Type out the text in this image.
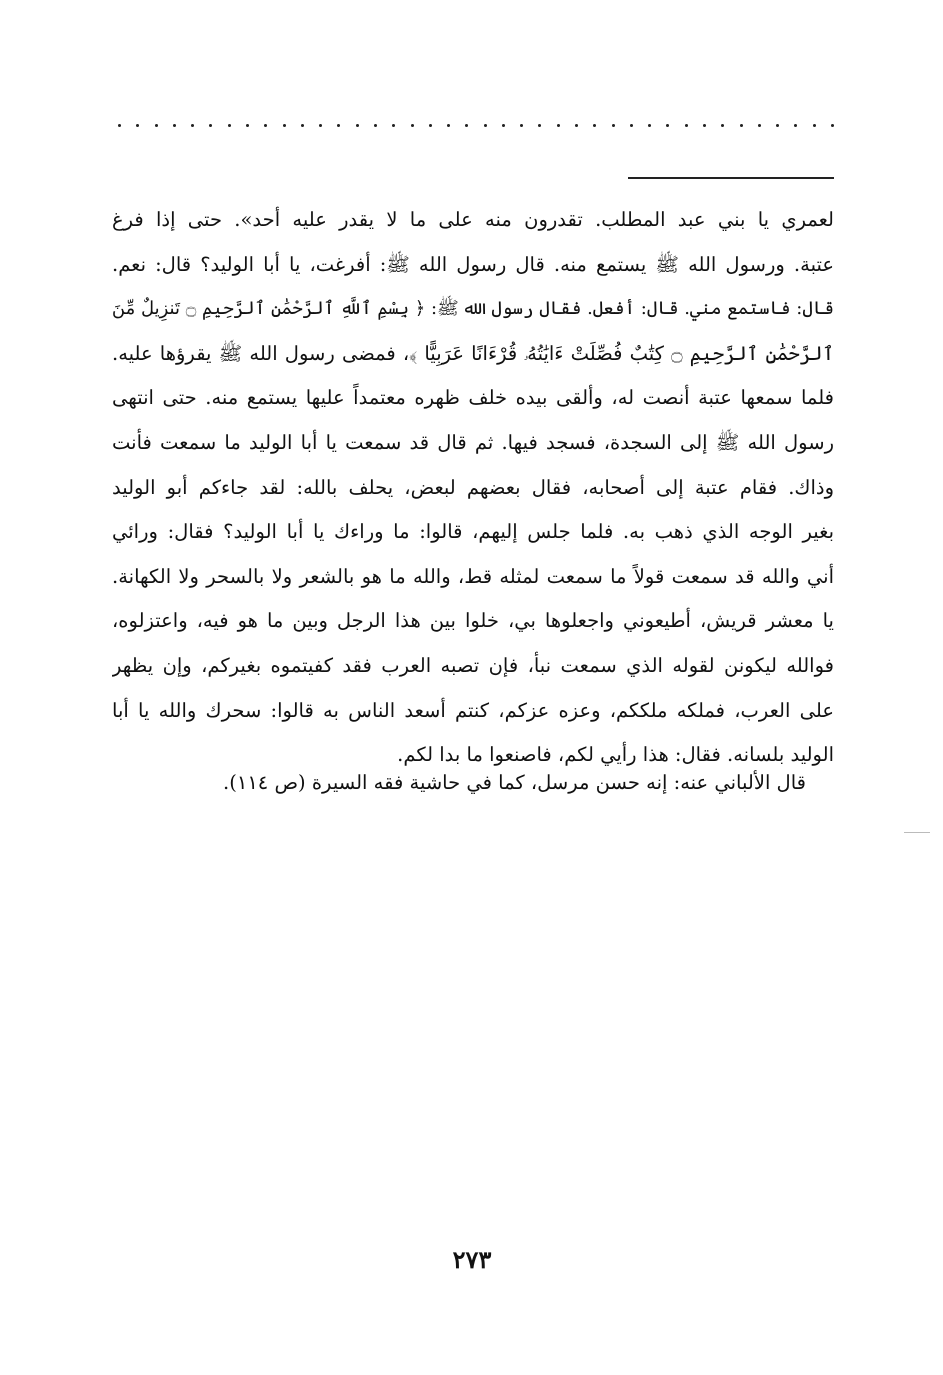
لعمري يا بني عبد المطلب. تقدرون منه على ما لا يقدر عليه أحد». حتى إذا فرغ
عتبة. ورسول الله ﷺ يستمع منه. قال رسول الله ﷺ: أفرغت، يا أبا الوليد؟ قال: نعم.
قال: فاستمع مني. قال: أفعل. فقال رسول الله ﷺ: ﴿ بِسْمِ ٱللَّهِ ٱلرَّحْمَٰنِ ٱلرَّحِيمِ ۝ تَنزِيلٌ مِّنَ
ٱلرَّحْمَٰنِ ٱلرَّحِيمِ ۝ كِتَٰبٌ فُصِّلَتْ ءَايَٰتُهُۥ قُرْءَانًا عَرَبِيًّا ﴾، فمضى رسول الله ﷺ يقرؤها عليه.
فلما سمعها عتبة أنصت له، وألقى بيده خلف ظهره معتمداً عليها يستمع منه. حتى انتهى
رسول الله ﷺ إلى السجدة، فسجد فيها. ثم قال قد سمعت يا أبا الوليد ما سمعت فأنت
وذاك. فقام عتبة إلى أصحابه، فقال بعضهم لبعض، يحلف بالله: لقد جاءكم أبو الوليد
بغير الوجه الذي ذهب به. فلما جلس إليهم، قالوا: ما وراءك يا أبا الوليد؟ فقال: ورائي
أني والله قد سمعت قولاً ما سمعت لمثله قط، والله ما هو بالشعر ولا بالسحر ولا الكهانة.
يا معشر قريش، أطيعوني واجعلوها بي، خلوا بين هذا الرجل وبين ما هو فيه، واعتزلوه،
فوالله ليكونن لقوله الذي سمعت نبأ، فإن تصبه العرب فقد كفيتموه بغيركم، وإن يظهر
على العرب، فملكه ملككم، وعزه عزكم، كنتم أسعد الناس به قالوا: سحرك والله يا أبا
الوليد بلسانه. فقال: هذا رأيي لكم، فاصنعوا ما بدا لكم.
قال الألباني عنه: إنه حسن مرسل، كما في حاشية فقه السيرة (ص ١١٤).
٢٧٣
